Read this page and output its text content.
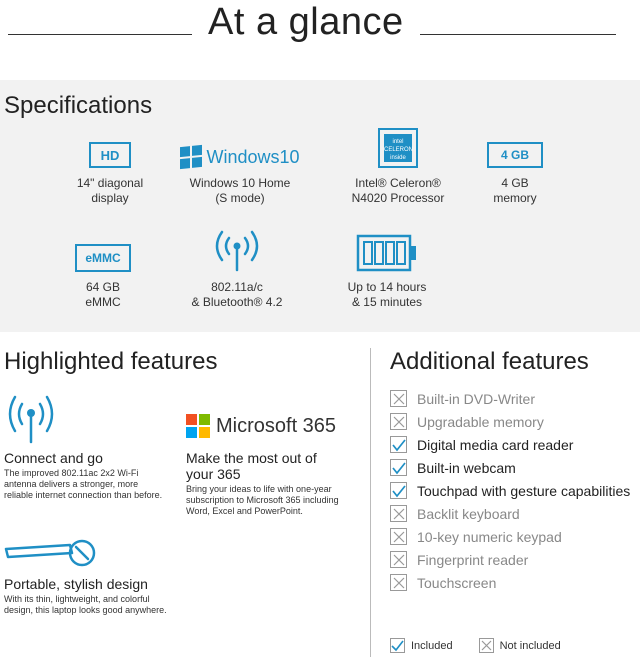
At a glance
Specifications
HD
14" diagonal
display
Windows10
Windows 10 Home
(S mode)
intel CELERON inside
Intel® Celeron®
N4020 Processor
4 GB
4 GB
memory
eMMC
64 GB
eMMC
802.11a/c
& Bluetooth® 4.2
Up to 14 hours
& 15 minutes
Highlighted features
Connect and go
The improved 802.11ac 2x2 Wi-Fi antenna delivers a stronger, more reliable internet connection than before.
Microsoft 365
Make the most out of your 365
Bring your ideas to life with one-year subscription to Microsoft 365 including Word, Excel and PowerPoint.
Portable, stylish design
With its thin, lightweight, and colorful design, this laptop looks good anywhere.
Additional features
Built-in DVD-Writer
Upgradable memory
Digital media card reader
Built-in webcam
Touchpad with gesture capabilities
Backlit keyboard
10-key numeric keypad
Fingerprint reader
Touchscreen
Included	Not included
